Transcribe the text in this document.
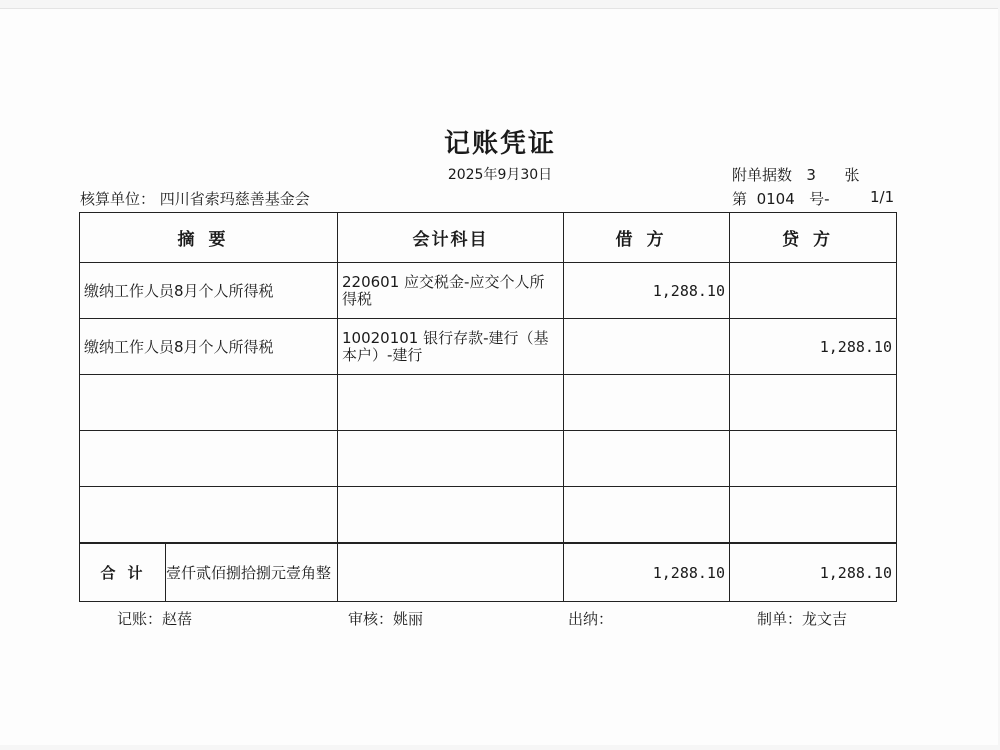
记账凭证
2025年9月30日	附单据数 3 张
核算单位： 四川省索玛慈善基金会	第 0104 号-	1/1
摘要	会计科目	借方	贷方
缴纳工作人员8月个人所得税	220601 应交税金-应交个人所得税	1,288.10	
缴纳工作人员8月个人所得税	10020101 银行存款-建行（基本户）-建行		1,288.10

合计 壹仟贰佰捌拾捌元壹角整		1,288.10	1,288.10
记账：赵蓓	审核：姚丽	出纳：	制单：龙文吉
